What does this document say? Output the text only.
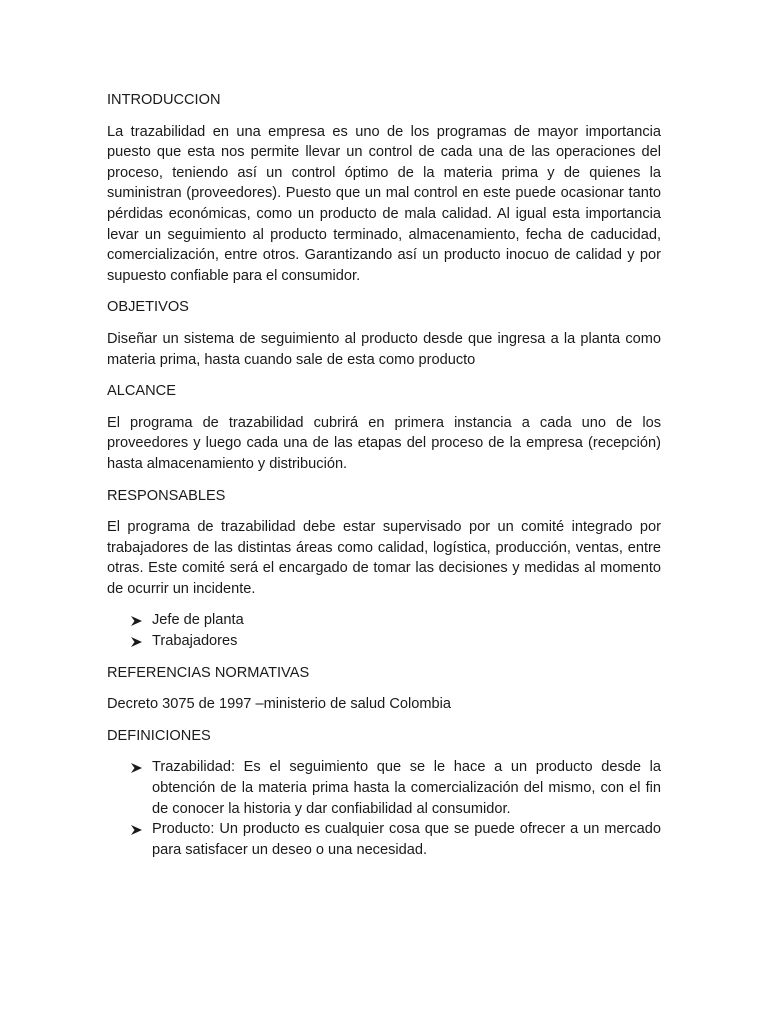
INTRODUCCION

La trazabilidad en una empresa es uno de los programas de mayor importancia puesto que esta nos permite llevar un control de cada una de las operaciones del proceso, teniendo así un control óptimo de la materia prima y de quienes la suministran (proveedores). Puesto que un mal control en este puede ocasionar tanto pérdidas económicas, como un producto de mala calidad. Al igual esta importancia levar un seguimiento al producto terminado, almacenamiento, fecha de caducidad, comercialización, entre otros. Garantizando así un producto inocuo de calidad y por supuesto confiable para el consumidor.

OBJETIVOS

Diseñar un sistema de seguimiento al producto desde que ingresa a la planta como materia prima, hasta cuando sale de esta como producto

ALCANCE

El programa de trazabilidad cubrirá en primera instancia a cada uno de los proveedores y luego cada una de las etapas del proceso de la empresa (recepción) hasta almacenamiento y distribución.

RESPONSABLES

El programa de trazabilidad debe estar supervisado por un comité integrado por trabajadores de las distintas áreas como calidad, logística, producción, ventas, entre otras. Este comité será el encargado de tomar las decisiones y medidas al momento de ocurrir un incidente.

Jefe de planta
Trabajadores
REFERENCIAS NORMATIVAS

Decreto 3075 de 1997 –ministerio de salud Colombia

DEFINICIONES
Trazabilidad: Es el seguimiento que se le hace a un producto desde la obtención de la materia prima hasta la comercialización del mismo, con el fin de conocer la historia y dar confiabilidad al consumidor.
Producto: Un producto es cualquier cosa que se puede ofrecer a un mercado para satisfacer un deseo o una necesidad.
